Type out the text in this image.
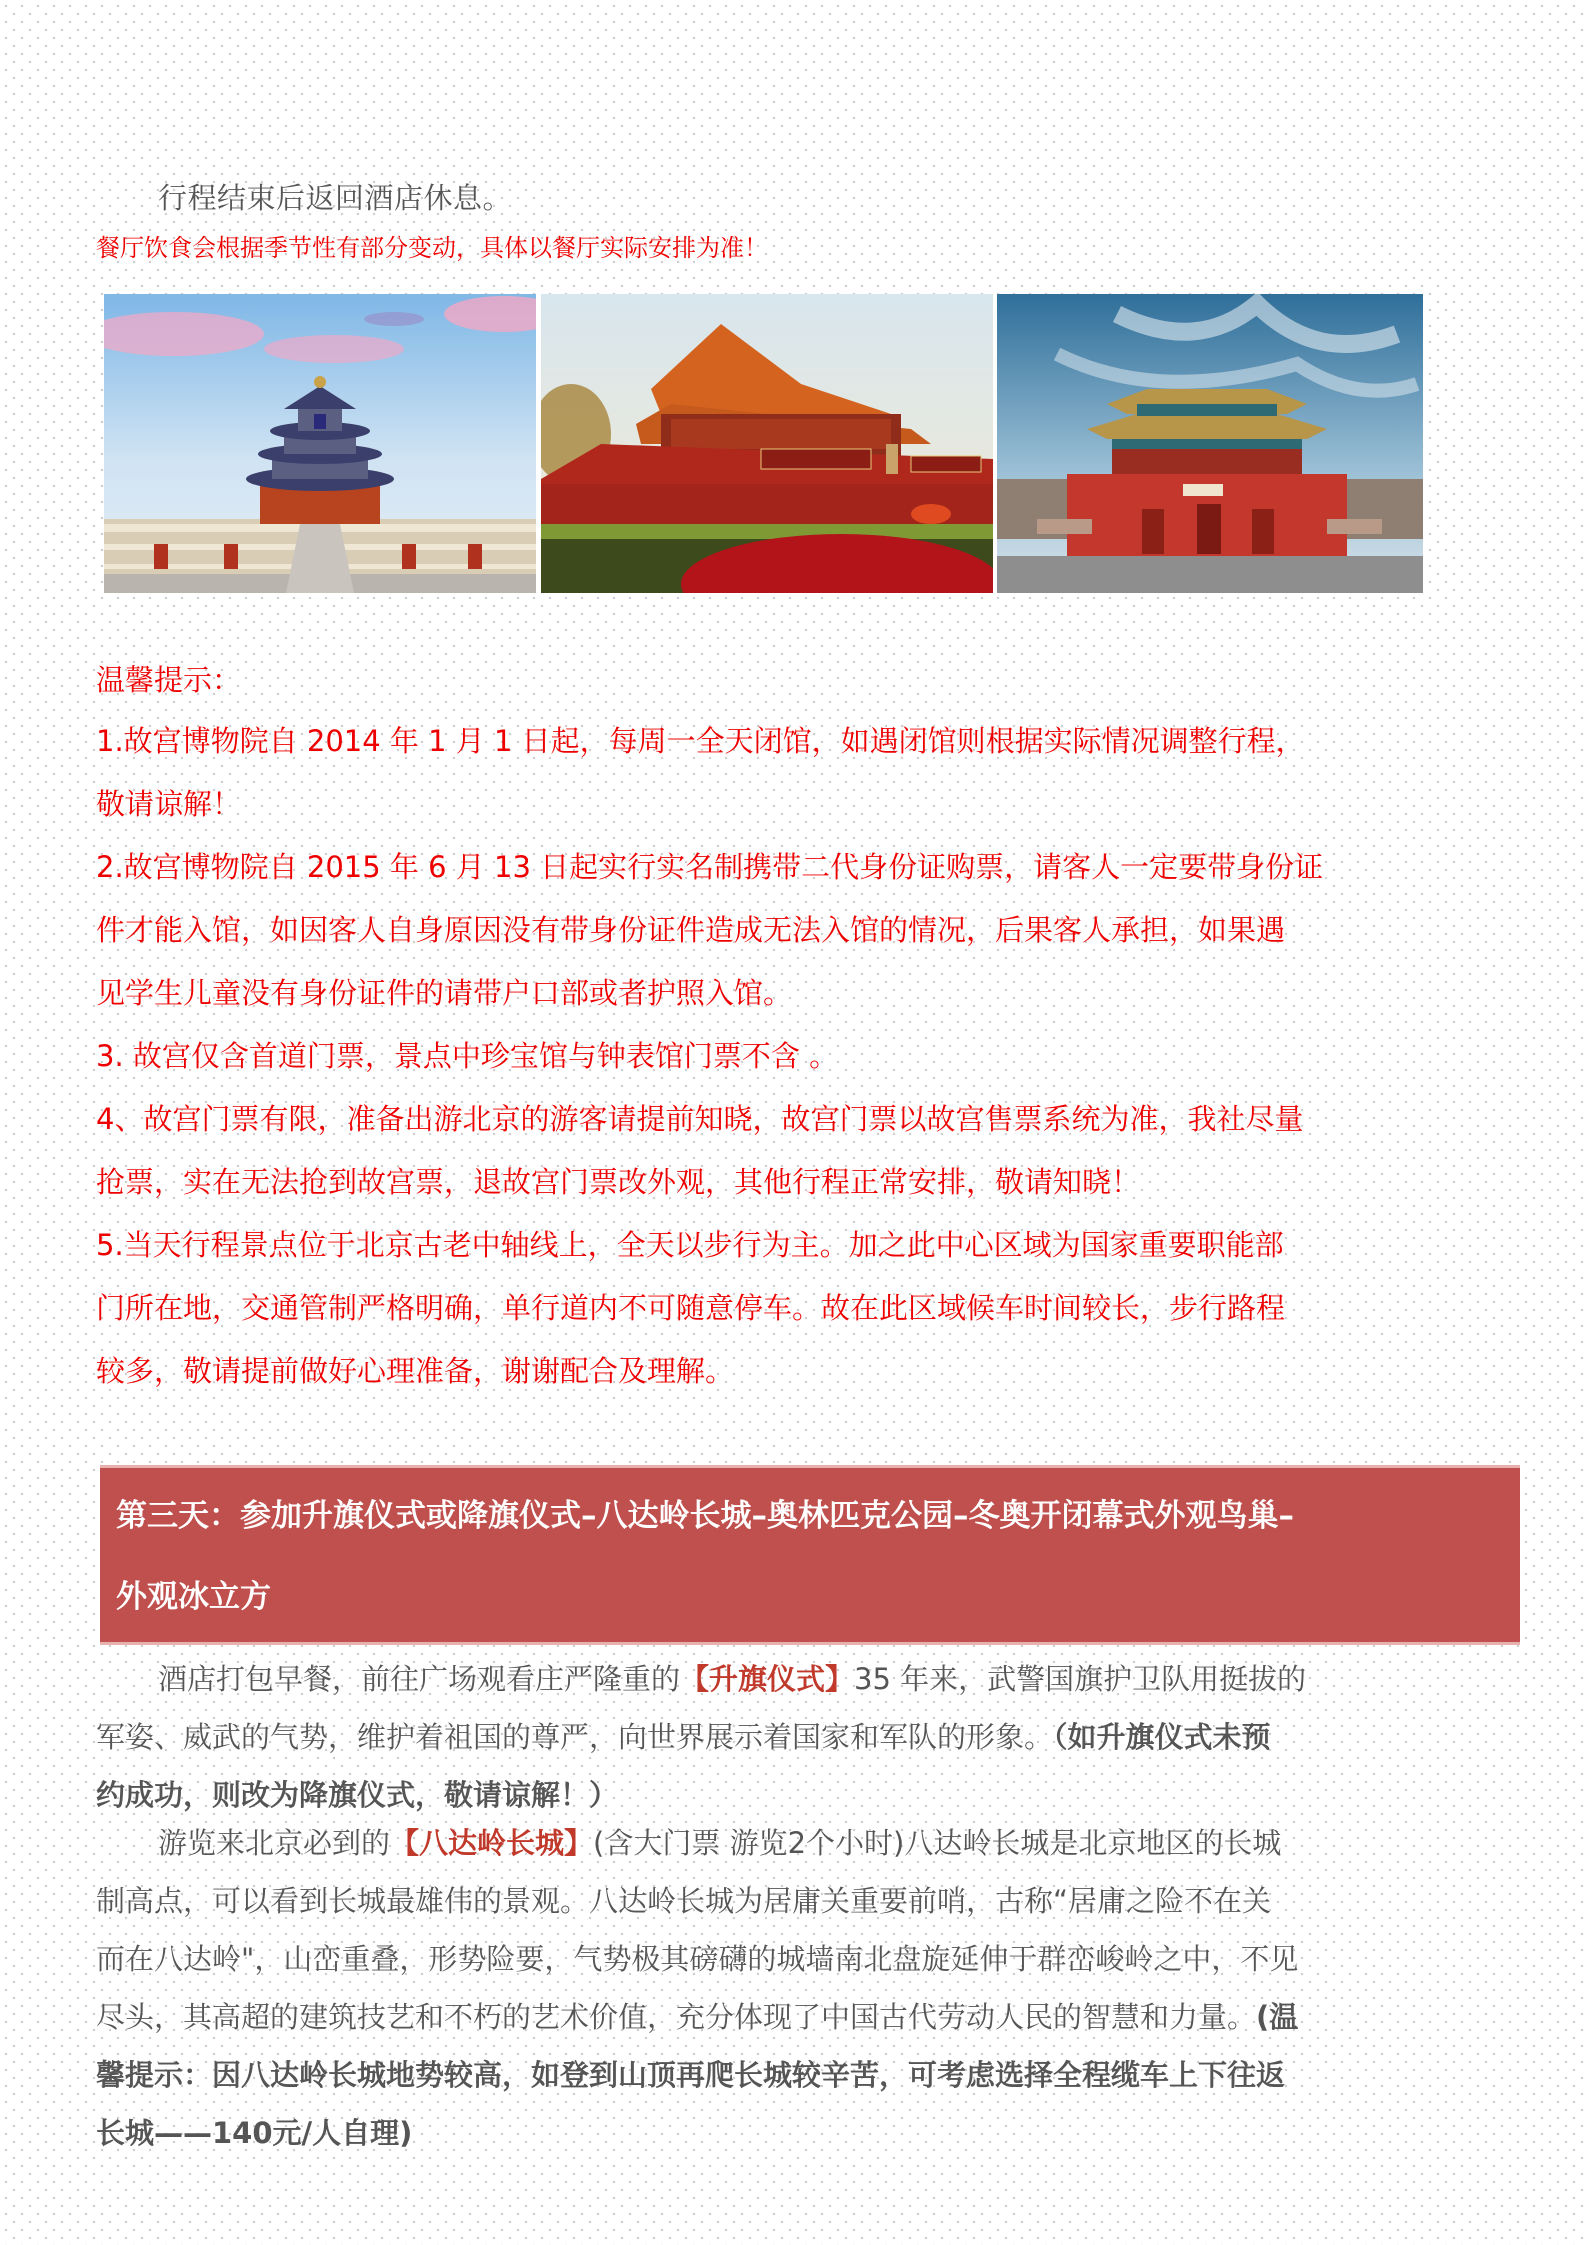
行程结束后返回酒店休息。
餐厅饮食会根据季节性有部分变动，具体以餐厅实际安排为准！
温馨提示：
1.故宫博物院自 2014 年 1 月 1 日起，每周一全天闭馆，如遇闭馆则根据实际情况调整行程，
敬请谅解！
2.故宫博物院自 2015 年 6 月 13 日起实行实名制携带二代身份证购票，请客人一定要带身份证
件才能入馆，如因客人自身原因没有带身份证件造成无法入馆的情况，后果客人承担，如果遇
见学生儿童没有身份证件的请带户口部或者护照入馆。
3. 故宫仅含首道门票，景点中珍宝馆与钟表馆门票不含 。
4、故宫门票有限，准备出游北京的游客请提前知晓，故宫门票以故宫售票系统为准，我社尽量
抢票，实在无法抢到故宫票，退故宫门票改外观，其他行程正常安排，敬请知晓！
5.当天行程景点位于北京古老中轴线上，全天以步行为主。加之此中心区域为国家重要职能部
门所在地，交通管制严格明确，单行道内不可随意停车。故在此区域候车时间较长，步行路程
较多，敬请提前做好心理准备，谢谢配合及理解。
第三天：参加升旗仪式或降旗仪式–八达岭长城–奥林匹克公园–冬奥开闭幕式外观鸟巢–
外观冰立方
酒店打包早餐，前往广场观看庄严隆重的【升旗仪式】35 年来，武警国旗护卫队用挺拔的
军姿、威武的气势，维护着祖国的尊严，向世界展示着国家和军队的形象。（如升旗仪式未预
约成功，则改为降旗仪式，敬请谅解！）
游览来北京必到的【八达岭长城】(含大门票 游览2个小时)八达岭长城是北京地区的长城
制高点，可以看到长城最雄伟的景观。八达岭长城为居庸关重要前哨，古称“居庸之险不在关
而在八达岭"，山峦重叠，形势险要，气势极其磅礴的城墙南北盘旋延伸于群峦峻岭之中，不见
尽头，其高超的建筑技艺和不朽的艺术价值，充分体现了中国古代劳动人民的智慧和力量。(温
馨提示：因八达岭长城地势较高，如登到山顶再爬长城较辛苦，可考虑选择全程缆车上下往返
长城——140元/人自理)
